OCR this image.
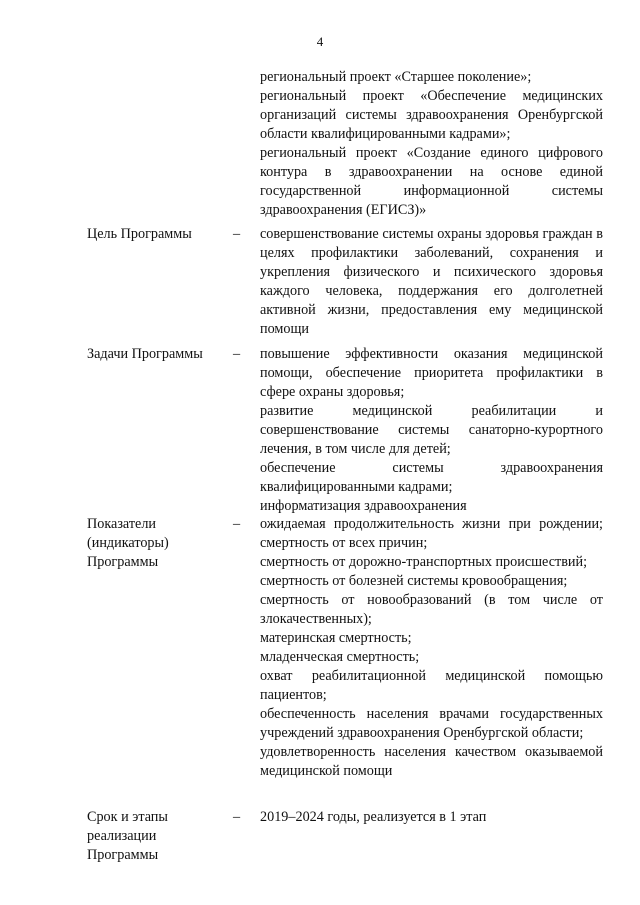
4
региональный проект «Старшее поколение»;
региональный проект «Обеспечение медицинских организаций системы здравоохранения Оренбургской области квалифицированными кадрами»;
региональный проект «Создание единого цифрового контура в здравоохранении на основе единой государственной информационной системы здравоохранения (ЕГИСЗ)»
Цель Программы	– совершенствование системы охраны здоровья граждан в целях профилактики заболеваний, сохранения и укрепления физического и психического здоровья каждого человека, поддержания его долголетней активной жизни, предоставления ему медицинской помощи
Задачи Программы	– повышение эффективности оказания медицинской помощи, обеспечение приоритета профилактики в сфере охраны здоровья;
развитие медицинской реабилитации и совершенствование системы санаторно-курортного лечения, в том числе для детей;
обеспечение системы здравоохранения квалифицированными кадрами;
информатизация здравоохранения
Показатели (индикаторы) Программы
– ожидаемая продолжительность жизни при рождении; смертность от всех причин;
смертность от дорожно-транспортных происшествий;
смертность от болезней системы кровообращения;
смертность от новообразований (в том числе от злокачественных);
материнская смертность;
младенческая смертность;
охват реабилитационной медицинской помощью пациентов;
обеспеченность населения врачами государственных учреждений здравоохранения Оренбургской области;
удовлетворенность населения качеством оказываемой медицинской помощи
Срок и этапы реализации Программы
– 2019–2024 годы, реализуется в 1 этап
